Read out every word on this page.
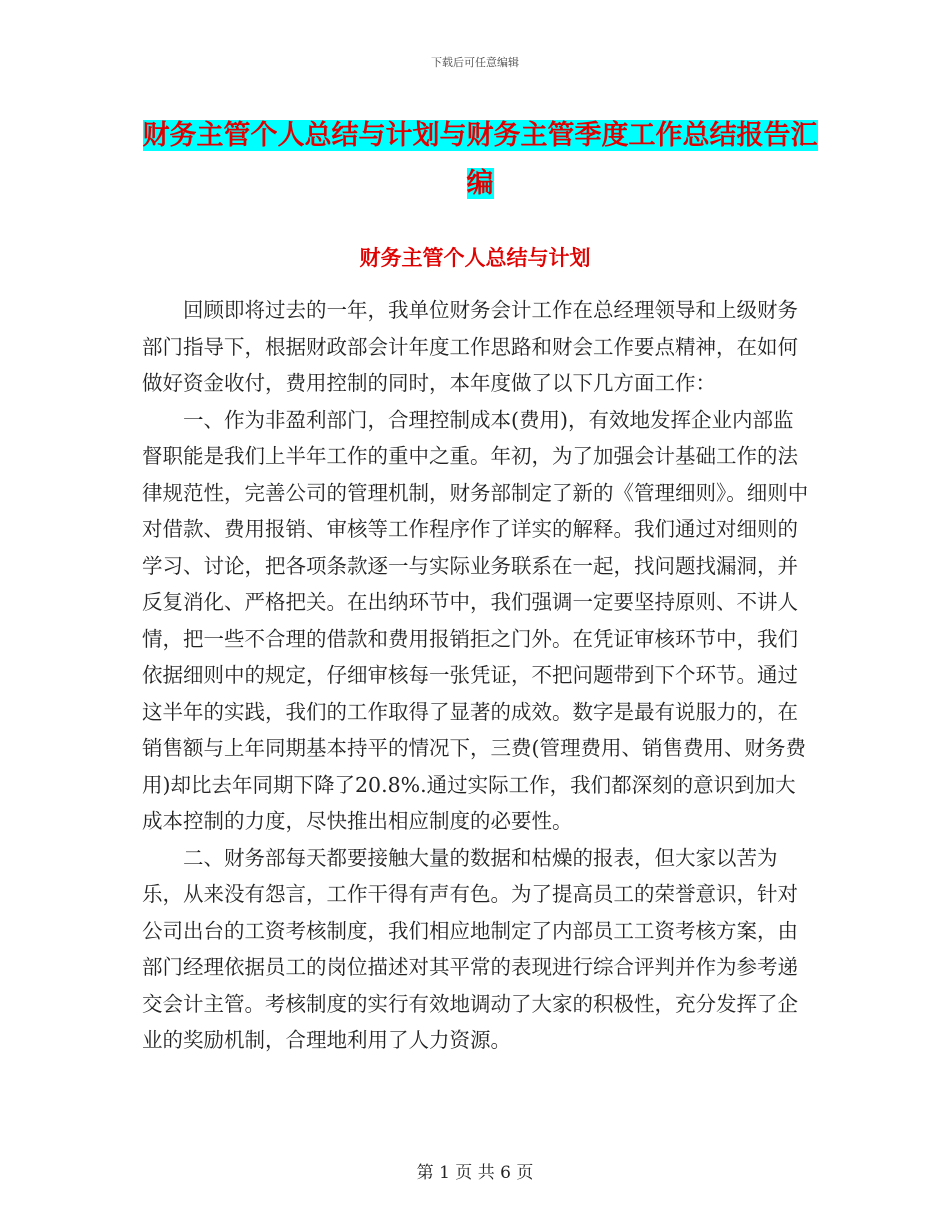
下载后可任意编辑
财务主管个人总结与计划与财务主管季度工作总结报告汇编
财务主管个人总结与计划

回顾即将过去的一年，我单位财务会计工作在总经理领导和上级财务部门指导下，根据财政部会计年度工作思路和财会工作要点精神，在如何做好资金收付，费用控制的同时，本年度做了以下几方面工作：

一、作为非盈利部门，合理控制成本(费用)，有效地发挥企业内部监督职能是我们上半年工作的重中之重。年初，为了加强会计基础工作的法律规范性，完善公司的管理机制，财务部制定了新的《管理细则》。细则中对借款、费用报销、审核等工作程序作了详实的解释。我们通过对细则的学习、讨论，把各项条款逐一与实际业务联系在一起，找问题找漏洞，并反复消化、严格把关。在出纳环节中，我们强调一定要坚持原则、不讲人情，把一些不合理的借款和费用报销拒之门外。在凭证审核环节中，我们依据细则中的规定，仔细审核每一张凭证，不把问题带到下个环节。通过这半年的实践，我们的工作取得了显著的成效。数字是最有说服力的，在销售额与上年同期基本持平的情况下，三费(管理费用、销售费用、财务费用)却比去年同期下降了20.8%.通过实际工作，我们都深刻的意识到加大成本控制的力度，尽快推出相应制度的必要性。

二、财务部每天都要接触大量的数据和枯燥的报表，但大家以苦为乐，从来没有怨言，工作干得有声有色。为了提高员工的荣誉意识，针对公司出台的工资考核制度，我们相应地制定了内部员工工资考核方案，由部门经理依据员工的岗位描述对其平常的表现进行综合评判并作为参考递交会计主管。考核制度的实行有效地调动了大家的积极性，充分发挥了企业的奖励机制，合理地利用了人力资源。

第 1 页 共 6 页
